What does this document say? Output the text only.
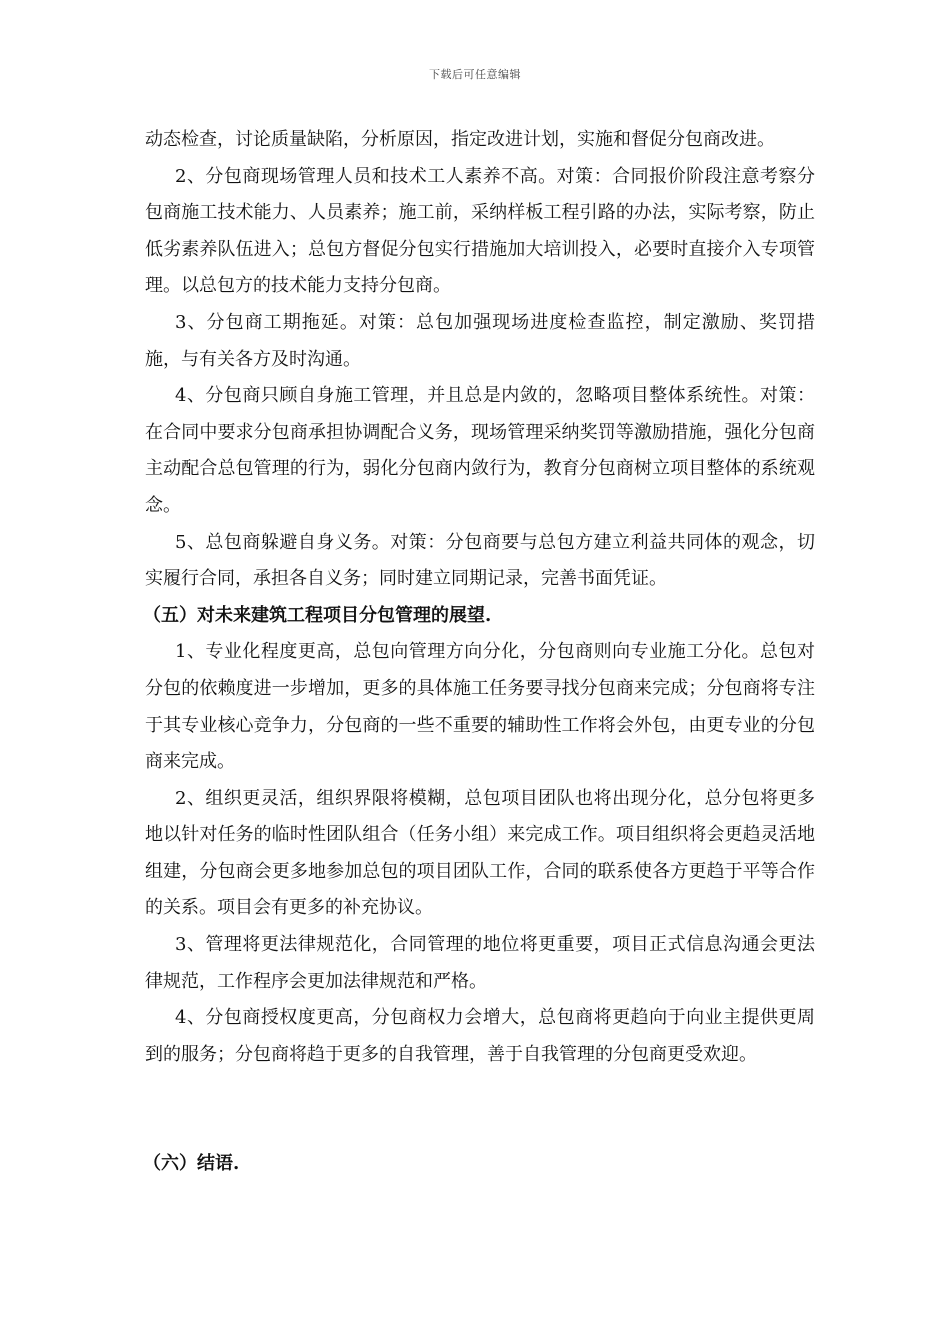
下载后可任意编辑

动态检查，讨论质量缺陷，分析原因，指定改进计划，实施和督促分包商改进。

2、分包商现场管理人员和技术工人素养不高。对策：合同报价阶段注意考察分包商施工技术能力、人员素养；施工前，采纳样板工程引路的办法，实际考察，防止低劣素养队伍进入；总包方督促分包实行措施加大培训投入，必要时直接介入专项管理。以总包方的技术能力支持分包商。

3、分包商工期拖延。对策：总包加强现场进度检查监控，制定激励、奖罚措施，与有关各方及时沟通。

4、分包商只顾自身施工管理，并且总是内敛的，忽略项目整体系统性。对策：在合同中要求分包商承担协调配合义务，现场管理采纳奖罚等激励措施，强化分包商主动配合总包管理的行为，弱化分包商内敛行为，教育分包商树立项目整体的系统观念。

5、总包商躲避自身义务。对策：分包商要与总包方建立利益共同体的观念，切实履行合同，承担各自义务；同时建立同期记录，完善书面凭证。

（五）对未来建筑工程项目分包管理的展望.

1、专业化程度更高，总包向管理方向分化，分包商则向专业施工分化。总包对分包的依赖度进一步增加，更多的具体施工任务要寻找分包商来完成；分包商将专注于其专业核心竞争力，分包商的一些不重要的辅助性工作将会外包，由更专业的分包商来完成。

2、组织更灵活，组织界限将模糊，总包项目团队也将出现分化，总分包将更多地以针对任务的临时性团队组合（任务小组）来完成工作。项目组织将会更趋灵活地组建，分包商会更多地参加总包的项目团队工作，合同的联系使各方更趋于平等合作的关系。项目会有更多的补充协议。

3、管理将更法律规范化，合同管理的地位将更重要，项目正式信息沟通会更法律规范，工作程序会更加法律规范和严格。

4、分包商授权度更高，分包商权力会增大，总包商将更趋向于向业主提供更周到的服务；分包商将趋于更多的自我管理，善于自我管理的分包商更受欢迎。

（六）结语.
